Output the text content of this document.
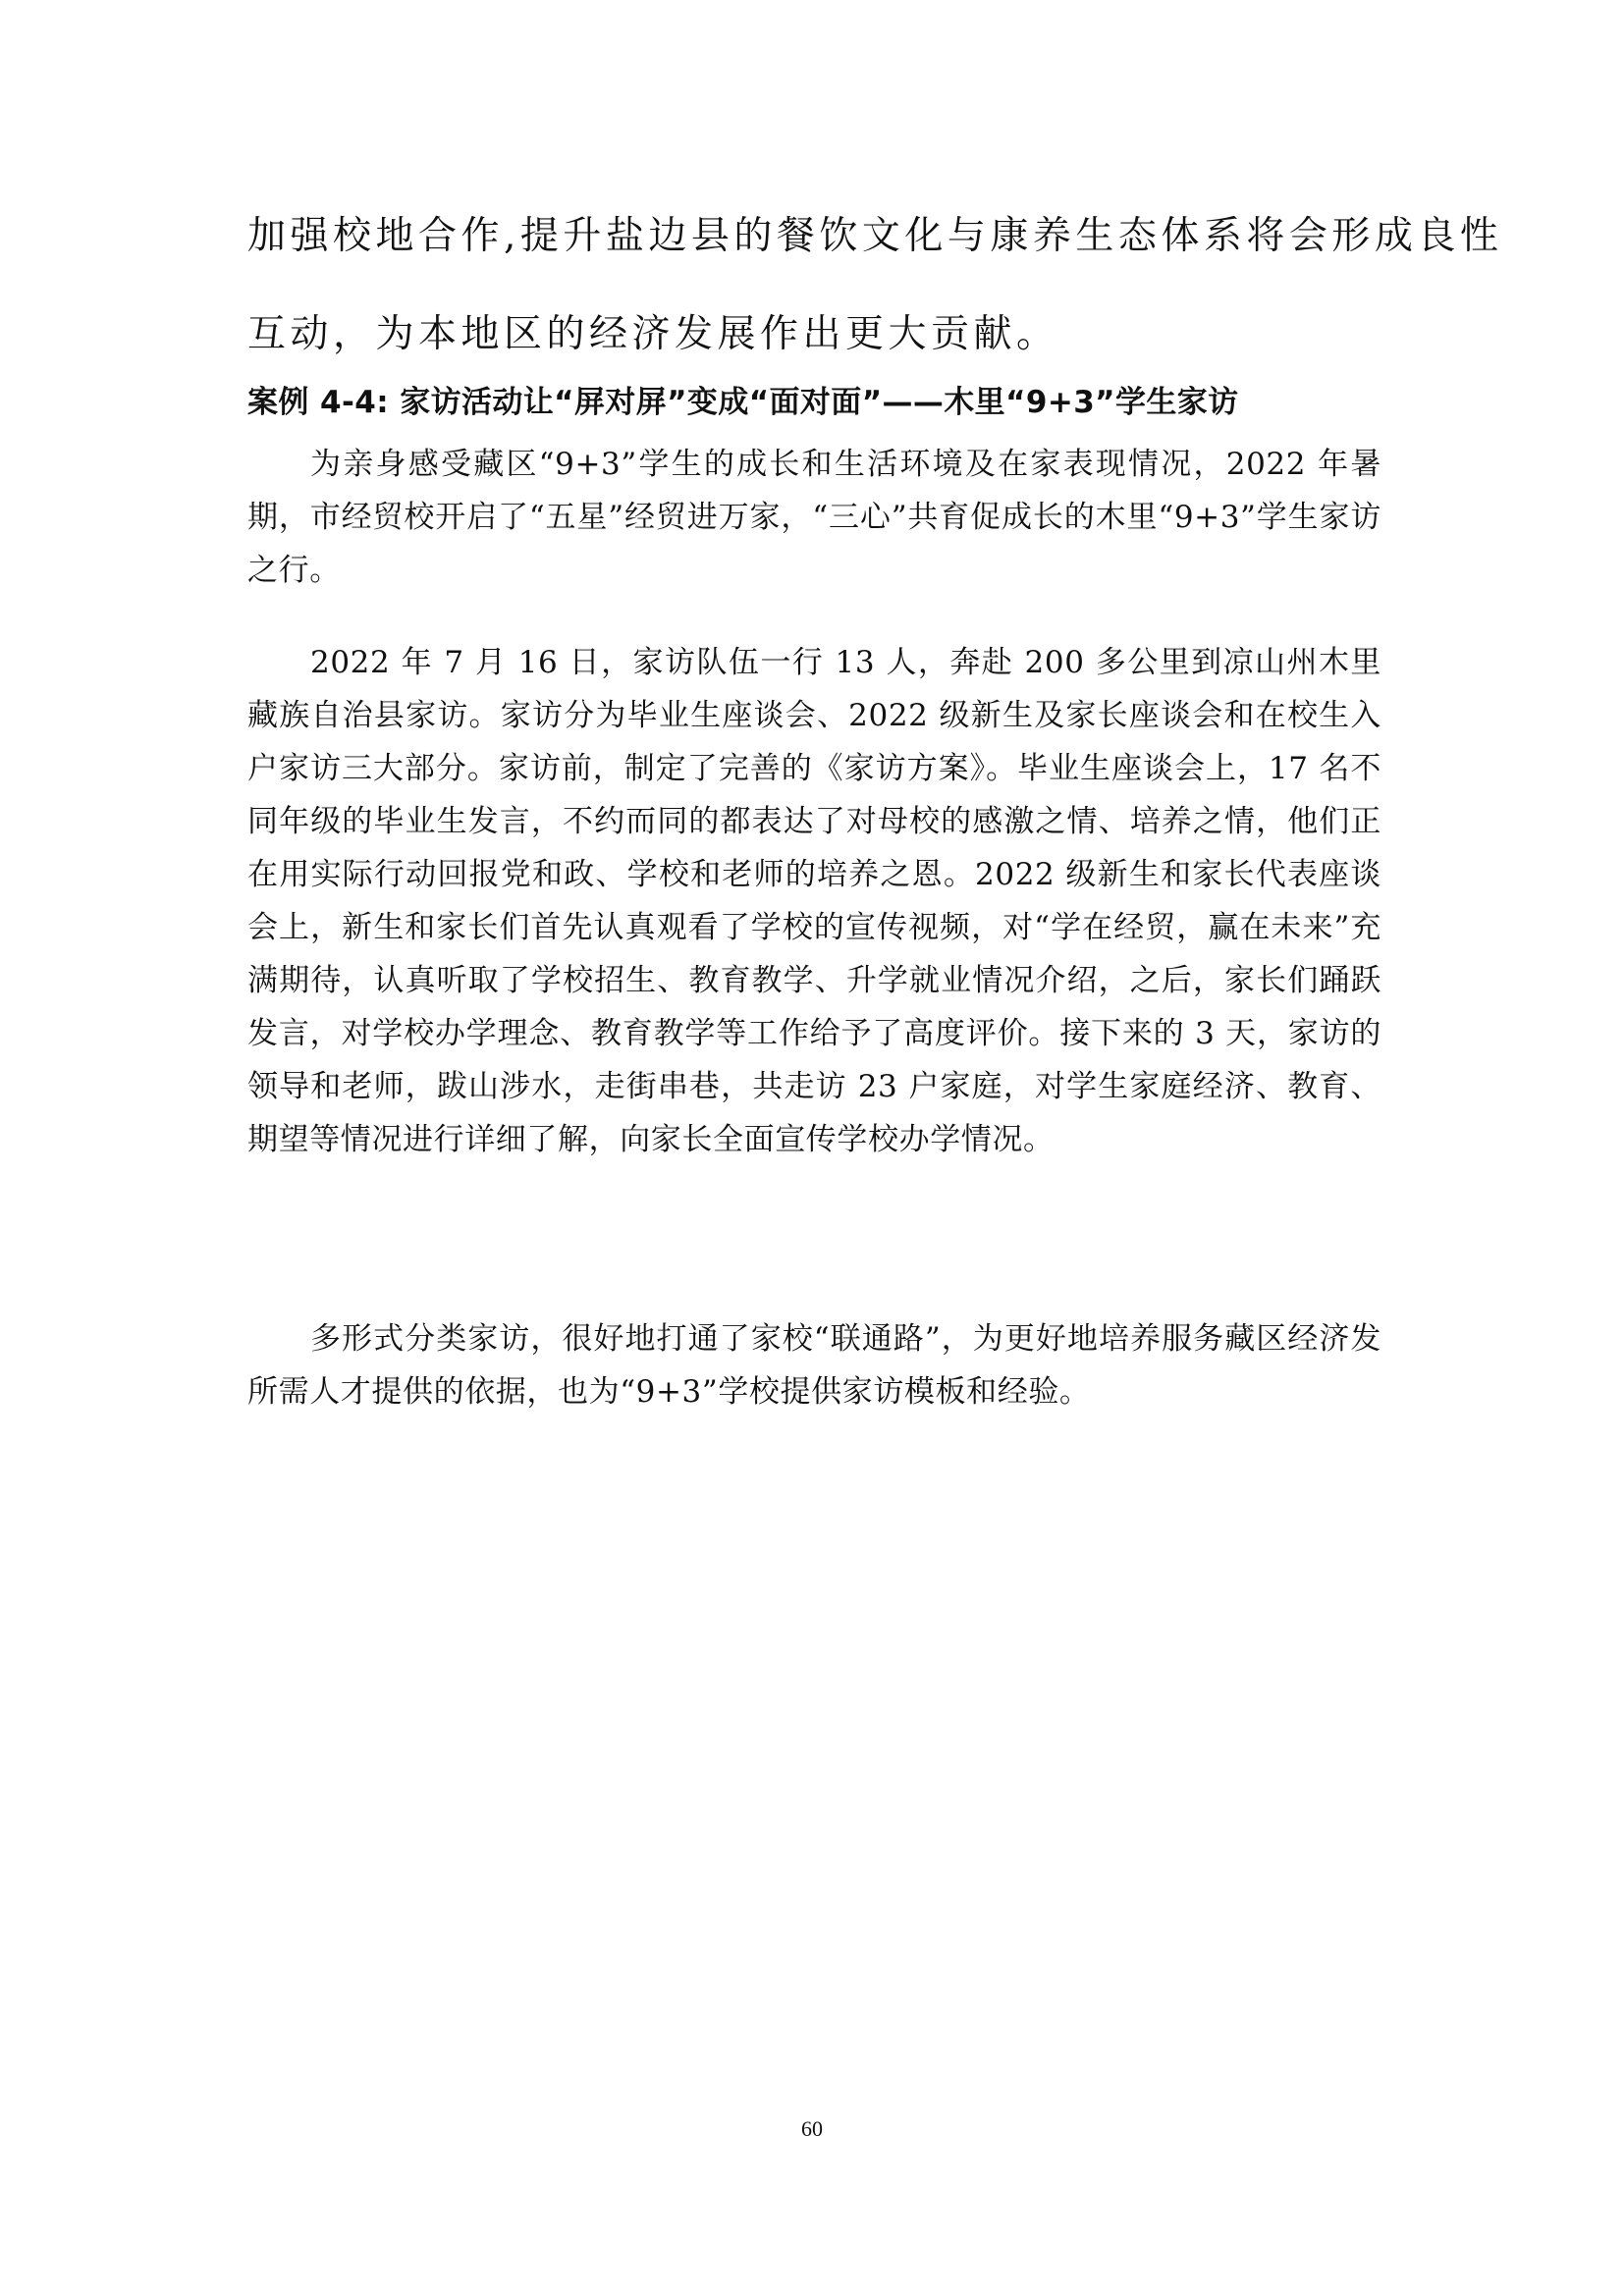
加强校地合作,提升盐边县的餐饮文化与康养生态体系将会形成良性

互动，为本地区的经济发展作出更大贡献。

案例 4-4: 家访活动让“屏对屏”变成“面对面”——木里“9+3”学生家访

为亲身感受藏区“9+3”学生的成长和生活环境及在家表现情况，2022 年暑期，市经贸校开启了“五星”经贸进万家，“三心”共育促成长的木里“9+3”学生家访之行。

2022 年 7 月 16 日，家访队伍一行 13 人，奔赴 200 多公里到凉山州木里藏族自治县家访。家访分为毕业生座谈会、2022 级新生及家长座谈会和在校生入户家访三大部分。家访前，制定了完善的《家访方案》。毕业生座谈会上，17 名不同年级的毕业生发言，不约而同的都表达了对母校的感激之情、培养之情，他们正在用实际行动回报党和政、学校和老师的培养之恩。2022 级新生和家长代表座谈会上，新生和家长们首先认真观看了学校的宣传视频，对“学在经贸，赢在未来”充满期待，认真听取了学校招生、教育教学、升学就业情况介绍，之后，家长们踊跃发言，对学校办学理念、教育教学等工作给予了高度评价。接下来的 3 天，家访的领导和老师，跋山涉水，走街串巷，共走访 23 户家庭，对学生家庭经济、教育、期望等情况进行详细了解，向家长全面宣传学校办学情况。

多形式分类家访，很好地打通了家校“联通路”，为更好地培养服务藏区经济发所需人才提供的依据，也为“9+3”学校提供家访模板和经验。

60
